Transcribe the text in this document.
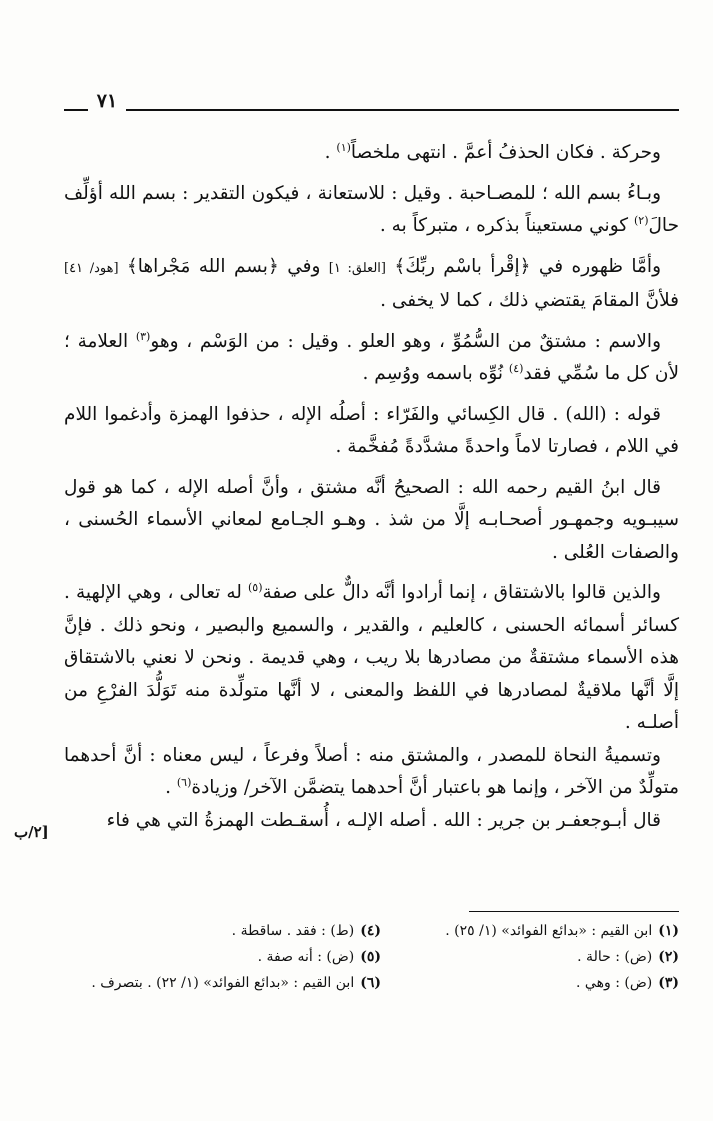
٧١

وحركة . فكان الحذفُ أعمَّ . انتهى ملخصاً$^{(١)}$ .

وبـاءُ بسم الله ؛ للمصـاحبة . وقيل : للاستعانة ، فيكون التقدير : بسم الله أؤلِّف حالَ$^{(٢)}$ كوني مستعيناً بذكره ، متبركاً به .

وأمَّا ظهوره في ﴿إقْرأ باسْم ربِّكَ﴾ [العلق: ١] وفي ﴿بسم الله مَجْراها﴾ [هود/ ٤١] فلأنَّ المقامَ يقتضي ذلك ، كما لا يخفى .

والاسم : مشتقٌ من السُّمُوِّ ، وهو العلو . وقيل : من الوَسْم ، وهو$^{(٣)}$ العلامة ؛ لأن كل ما سُمِّي فقد$^{(٤)}$ نُوِّه باسمه ووُسِم .

قوله : (الله) . قال الكِسائي والفَرّاء : أصلُه الإله ، حذفوا الهمزة وأدغموا اللام في اللام ، فصارتا لاماً واحدةً مشدَّدةً مُفخَّمة .

قال ابنُ القيم رحمه الله : الصحيحُ أنَّه مشتق ، وأنَّ أصله الإله ، كما هو قول سيبـويه وجمهـور أصحـابـه إلَّا من شذ . وهـو الجـامع لمعاني الأسماء الحُسنى ، والصفات العُلى .

والذين قالوا بالاشتقاق ، إنما أرادوا أنَّه دالٌّ على صفة$^{(٥)}$ له تعالى ، وهي الإلهية . كسائر أسمائه الحسنى ، كالعليم ، والقدير ، والسميع والبصير ، ونحو ذلك . فإنَّ هذه الأسماء مشتقةٌ من مصادرها بلا ريب ، وهي قديمة . ونحن لا نعني بالاشتقاق إلَّا أنَّها ملاقيةٌ لمصادرها في اللفظ والمعنى ، لا أنَّها متولِّدة منه تَوَلُّدَ الفرْعِ من أصلـه .

وتسميةُ النحاة للمصدر ، والمشتق منه : أصلاً وفرعاً ، ليس معناه : أنَّ أحدهما متولِّدٌ من الآخر ، وإنما هو باعتبار أنَّ أحدهما يتضمَّن الآخر/ وزيادة$^{(٦)}$ .

قال أبـوجعفـر بن جرير : الله . أصله الإلـه ، أُسقـطت الهمزةُ التي هي فاء

[٢/ب

(١)ابن القيم : «بدائع الفوائد» (١/ ٢٥) .

(٢)(ض) : حالة .

(٣)(ض) : وهي .

(٤)(ط) : فقد . ساقطة .

(٥)(ض) : أنه صفة .

(٦)ابن القيم : «بدائع الفوائد» (١/ ٢٢) . بتصرف .
